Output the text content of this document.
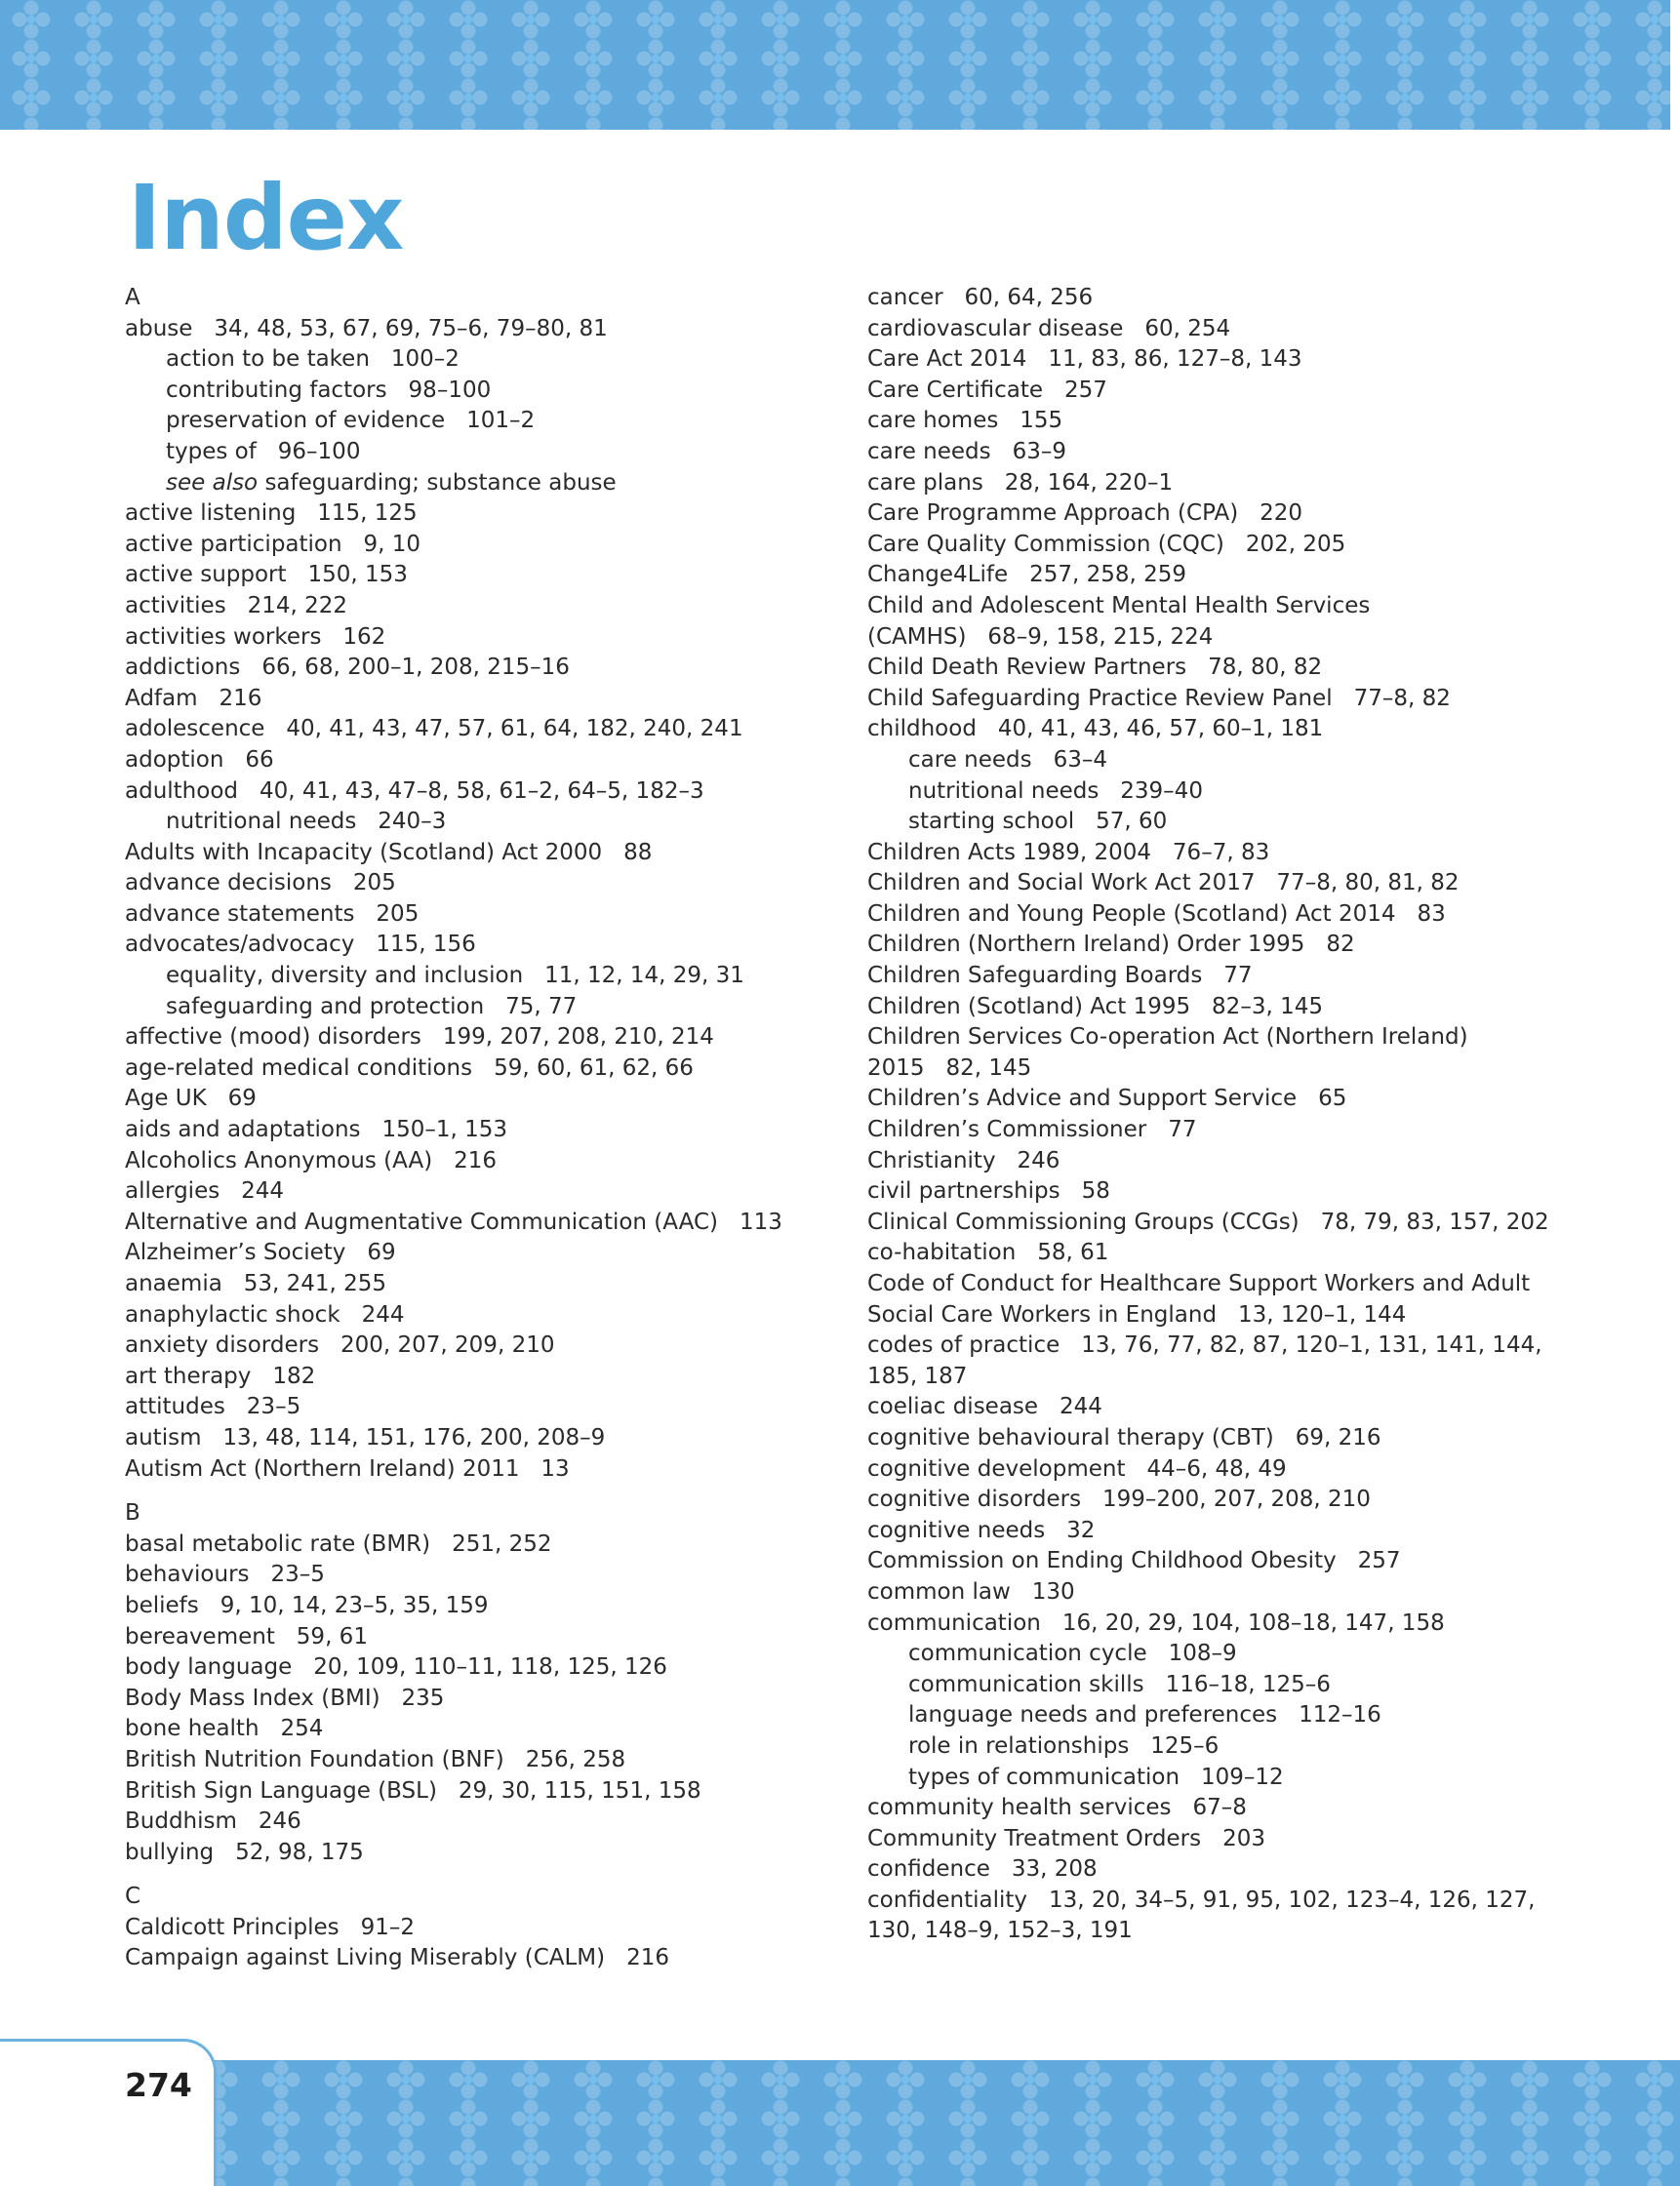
Index
A
abuse 34, 48, 53, 67, 69, 75–6, 79–80, 81
action to be taken 100–2
contributing factors 98–100
preservation of evidence 101–2
types of 96–100
see also safeguarding; substance abuse
active listening 115, 125
active participation 9, 10
active support 150, 153
activities 214, 222
activities workers 162
addictions 66, 68, 200–1, 208, 215–16
Adfam 216
adolescence 40, 41, 43, 47, 57, 61, 64, 182, 240, 241
adoption 66
adulthood 40, 41, 43, 47–8, 58, 61–2, 64–5, 182–3
nutritional needs 240–3
Adults with Incapacity (Scotland) Act 2000 88
advance decisions 205
advance statements 205
advocates/advocacy 115, 156
equality, diversity and inclusion 11, 12, 14, 29, 31
safeguarding and protection 75, 77
affective (mood) disorders 199, 207, 208, 210, 214
age-related medical conditions 59, 60, 61, 62, 66
Age UK 69
aids and adaptations 150–1, 153
Alcoholics Anonymous (AA) 216
allergies 244
Alternative and Augmentative Communication (AAC) 113
Alzheimer’s Society 69
anaemia 53, 241, 255
anaphylactic shock 244
anxiety disorders 200, 207, 209, 210
art therapy 182
attitudes 23–5
autism 13, 48, 114, 151, 176, 200, 208–9
Autism Act (Northern Ireland) 2011 13
B
basal metabolic rate (BMR) 251, 252
behaviours 23–5
beliefs 9, 10, 14, 23–5, 35, 159
bereavement 59, 61
body language 20, 109, 110–11, 118, 125, 126
Body Mass Index (BMI) 235
bone health 254
British Nutrition Foundation (BNF) 256, 258
British Sign Language (BSL) 29, 30, 115, 151, 158
Buddhism 246
bullying 52, 98, 175
C
Caldicott Principles 91–2
Campaign against Living Miserably (CALM) 216
cancer 60, 64, 256
cardiovascular disease 60, 254
Care Act 2014 11, 83, 86, 127–8, 143
Care Certificate 257
care homes 155
care needs 63–9
care plans 28, 164, 220–1
Care Programme Approach (CPA) 220
Care Quality Commission (CQC) 202, 205
Change4Life 257, 258, 259
Child and Adolescent Mental Health Services
(CAMHS) 68–9, 158, 215, 224
Child Death Review Partners 78, 80, 82
Child Safeguarding Practice Review Panel 77–8, 82
childhood 40, 41, 43, 46, 57, 60–1, 181
care needs 63–4
nutritional needs 239–40
starting school 57, 60
Children Acts 1989, 2004 76–7, 83
Children and Social Work Act 2017 77–8, 80, 81, 82
Children and Young People (Scotland) Act 2014 83
Children (Northern Ireland) Order 1995 82
Children Safeguarding Boards 77
Children (Scotland) Act 1995 82–3, 145
Children Services Co-operation Act (Northern Ireland)
2015 82, 145
Children’s Advice and Support Service 65
Children’s Commissioner 77
Christianity 246
civil partnerships 58
Clinical Commissioning Groups (CCGs) 78, 79, 83, 157, 202
co-habitation 58, 61
Code of Conduct for Healthcare Support Workers and Adult
Social Care Workers in England 13, 120–1, 144
codes of practice 13, 76, 77, 82, 87, 120–1, 131, 141, 144,
185, 187
coeliac disease 244
cognitive behavioural therapy (CBT) 69, 216
cognitive development 44–6, 48, 49
cognitive disorders 199–200, 207, 208, 210
cognitive needs 32
Commission on Ending Childhood Obesity 257
common law 130
communication 16, 20, 29, 104, 108–18, 147, 158
communication cycle 108–9
communication skills 116–18, 125–6
language needs and preferences 112–16
role in relationships 125–6
types of communication 109–12
community health services 67–8
Community Treatment Orders 203
confidence 33, 208
confidentiality 13, 20, 34–5, 91, 95, 102, 123–4, 126, 127,
130, 148–9, 152–3, 191
274
